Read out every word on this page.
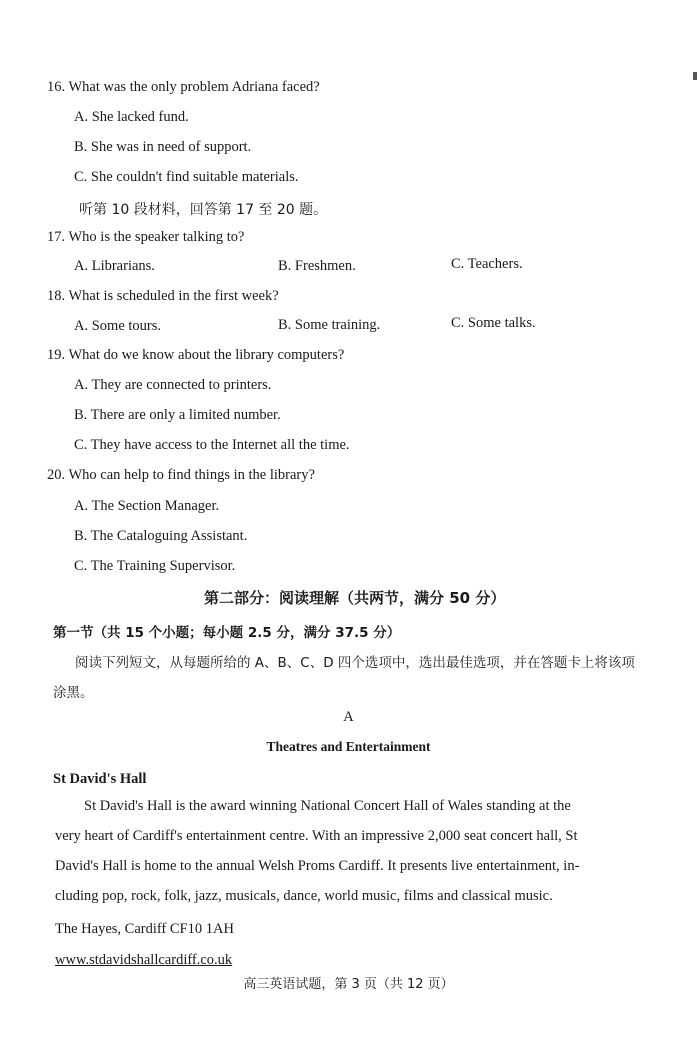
16. What was the only problem Adriana faced?
A. She lacked fund.
B. She was in need of support.
C. She couldn't find suitable materials.
听第 10 段材料，回答第 17 至 20 题。
17. Who is the speaker talking to?
A. Librarians.	B. Freshmen.	C. Teachers.
18. What is scheduled in the first week?
A. Some tours.	B. Some training.	C. Some talks.
19. What do we know about the library computers?
A. They are connected to printers.
B. There are only a limited number.
C. They have access to the Internet all the time.
20. Who can help to find things in the library?
A. The Section Manager.
B. The Cataloguing Assistant.
C. The Training Supervisor.
第二部分：阅读理解（共两节，满分 50 分）
第一节（共 15 个小题；每小题 2.5 分，满分 37.5 分）
阅读下列短文，从每题所给的 A、B、C、D 四个选项中，选出最佳选项，并在答题卡上将该项
涂黑。
A
Theatres and Entertainment
St David's Hall
St David's Hall is the award winning National Concert Hall of Wales standing at the
very heart of Cardiff's entertainment centre. With an impressive 2,000 seat concert hall, St
David's Hall is home to the annual Welsh Proms Cardiff. It presents live entertainment, in-
cluding pop, rock, folk, jazz, musicals, dance, world music, films and classical music.
The Hayes, Cardiff CF10 1AH
www.stdavidshallcardiff.co.uk
高三英语试题，第 3 页（共 12 页）
